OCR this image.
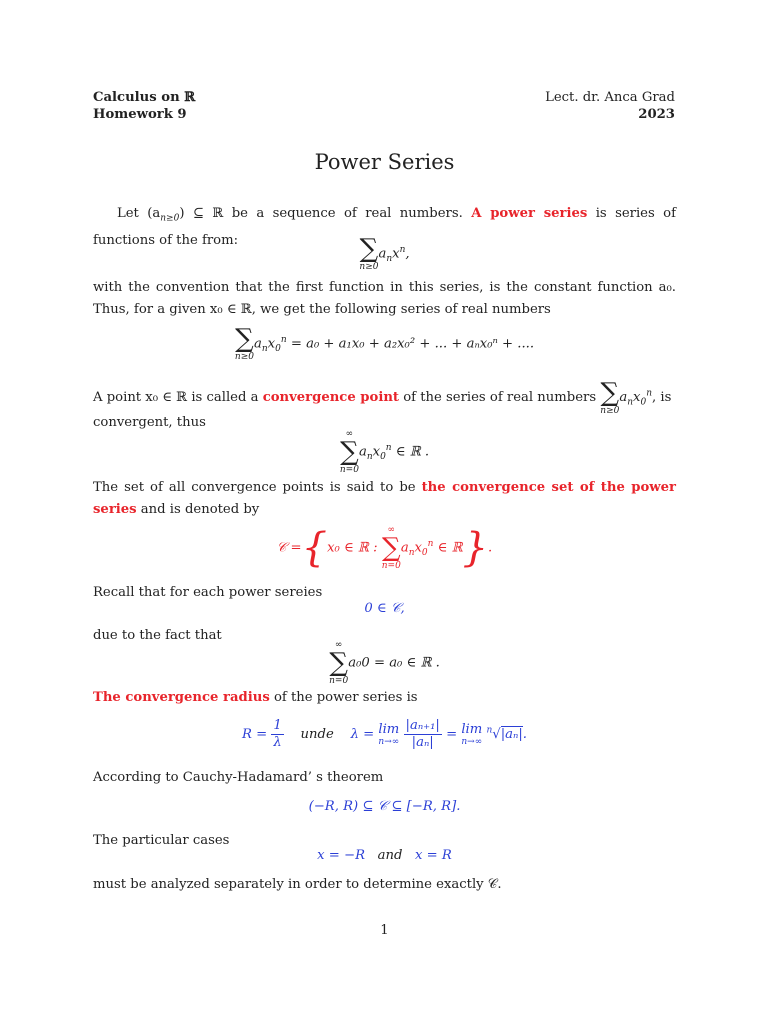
Calculus on ℝ
Homework 9
Lect. dr. Anca Grad
2023
Power Series
Let $(a_{n\ge 0})$ ⊆ ℝ be a sequence of real numbers. A power series is series of functions of the from:	∑
n≥0
$a_nx^n$,
with the convention that the first function in this series, is the constant function a₀. Thus, for a given x₀ ∈ ℝ, we get the following series of real numbers
∑
n≥0
$a_nx_0^n = a_0 + a_1x_0 + a_2x_0^2$ + ... + aₙx₀ⁿ + ....
A point x₀ ∈ ℝ is called a convergence point of the series of real numbers ∑
n≥0
$a_nx_0^n$, is
convergent, thus
∞
∑
n=0
$a_nx_0^n$ ∈ ℝ .
The set of all convergence points is said to be the convergence set of the power series and is denoted by
𝒞 ={x₀ ∈ ℝ :
∞
∑
n=0
$a_nx_0^n$ ∈ ℝ}.
Recall that for each power sereies
0 ∈ 𝒞,
due to the fact that
∞
∑
n=0
a₀0 = a₀ ∈ ℝ .
The convergence radius of the power series is
$R = \frac{1}{\lambda}$ unde λ = lim
n→∞
$\frac{\text{|aₙ₊₁|}}{\text{|aₙ|}} = \lim$
n→∞
$^n$√|aₙ|.
According to Cauchy-Hadamard’ s theorem
(−R, R) ⊆ 𝒞 ⊆ [−R, R].
The particular cases
x = −R and x = R
must be analyzed separately in order to determine exactly 𝒞.
1
